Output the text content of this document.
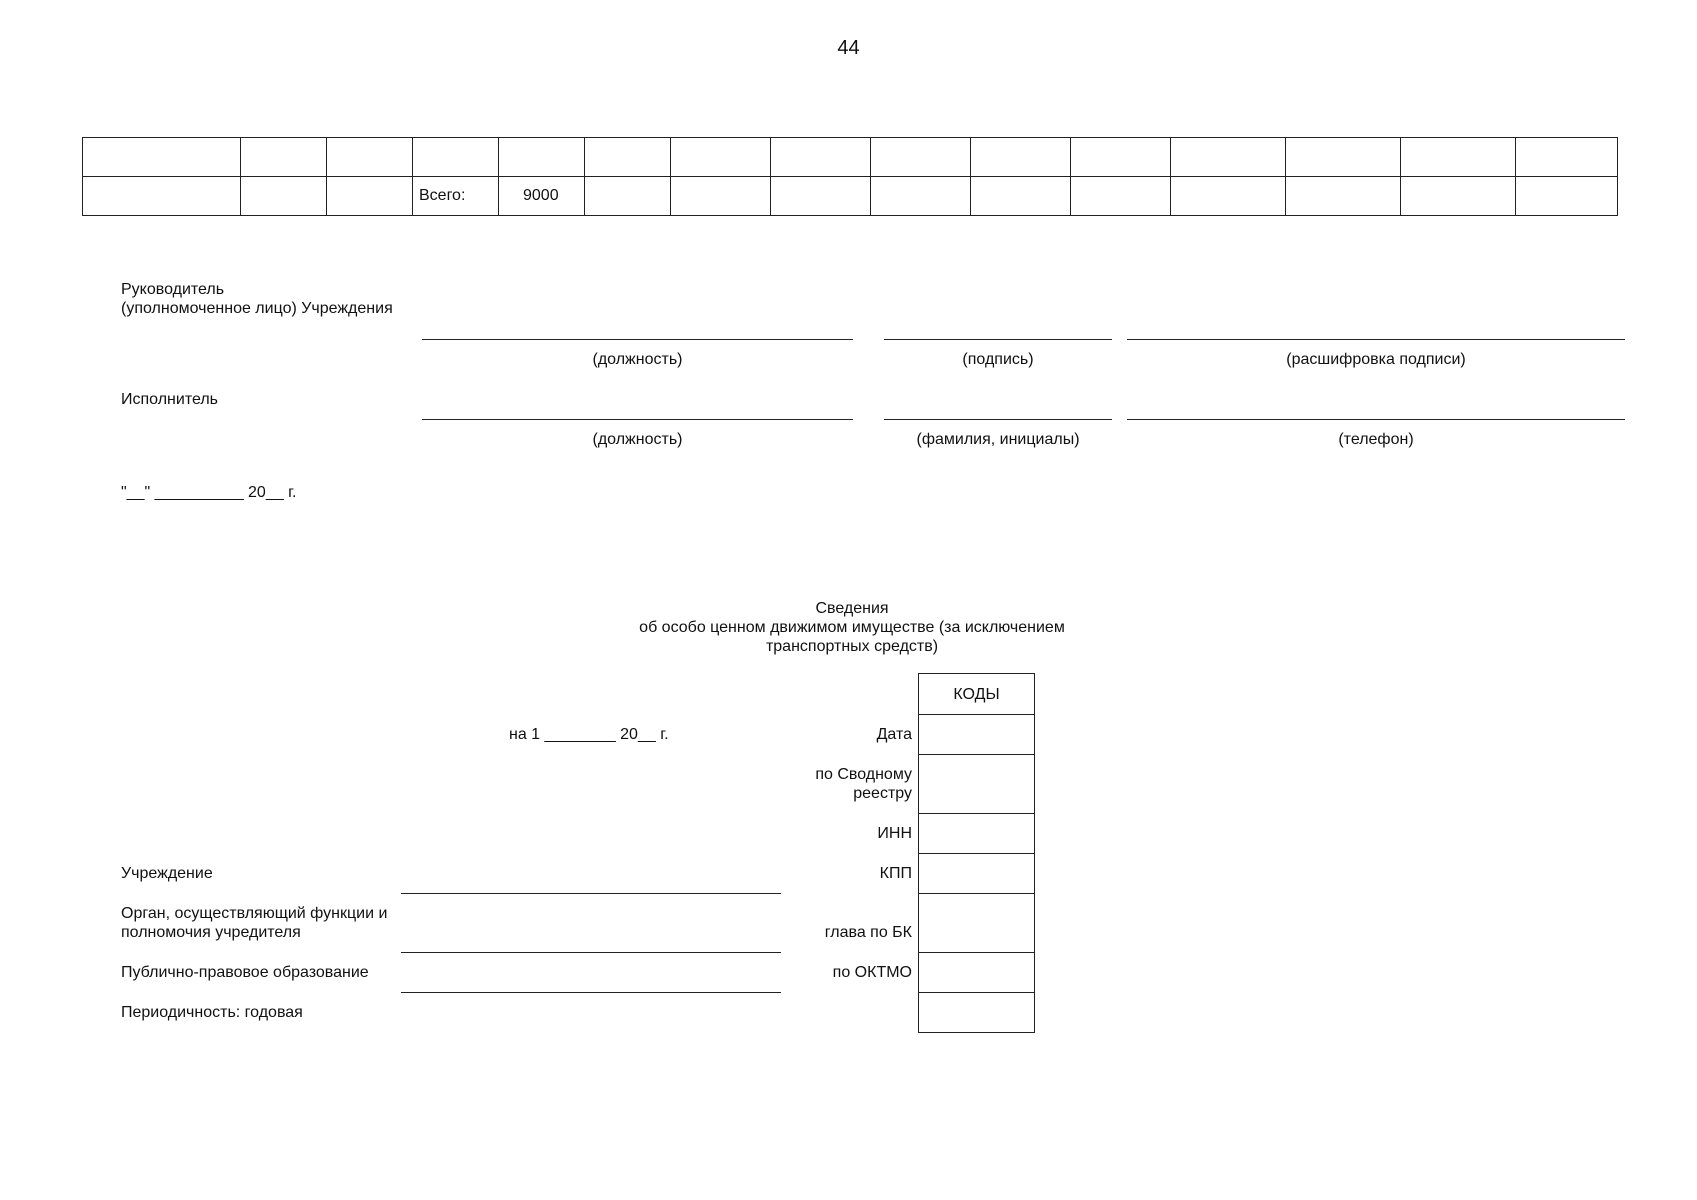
44

			Всего:	9000										
Руководитель
(уполномоченное лицо) Учреждения
(должность)	(подпись)	(расшифровка подписи)
Исполнитель
(должность)	(фамилия, инициалы)	(телефон)
"__" __________ 20__ г.
Сведения
об особо ценном движимом имуществе (за исключением
транспортных средств)
на 1 ________ 20__ г.	Дата
по Сводному
реестру
ИНН
КПП
глава по БК
по ОКТМО
КОДЫ
Учреждение
Орган, осуществляющий функции и
полномочия учредителя
Публично-правовое образование
Периодичность: годовая
